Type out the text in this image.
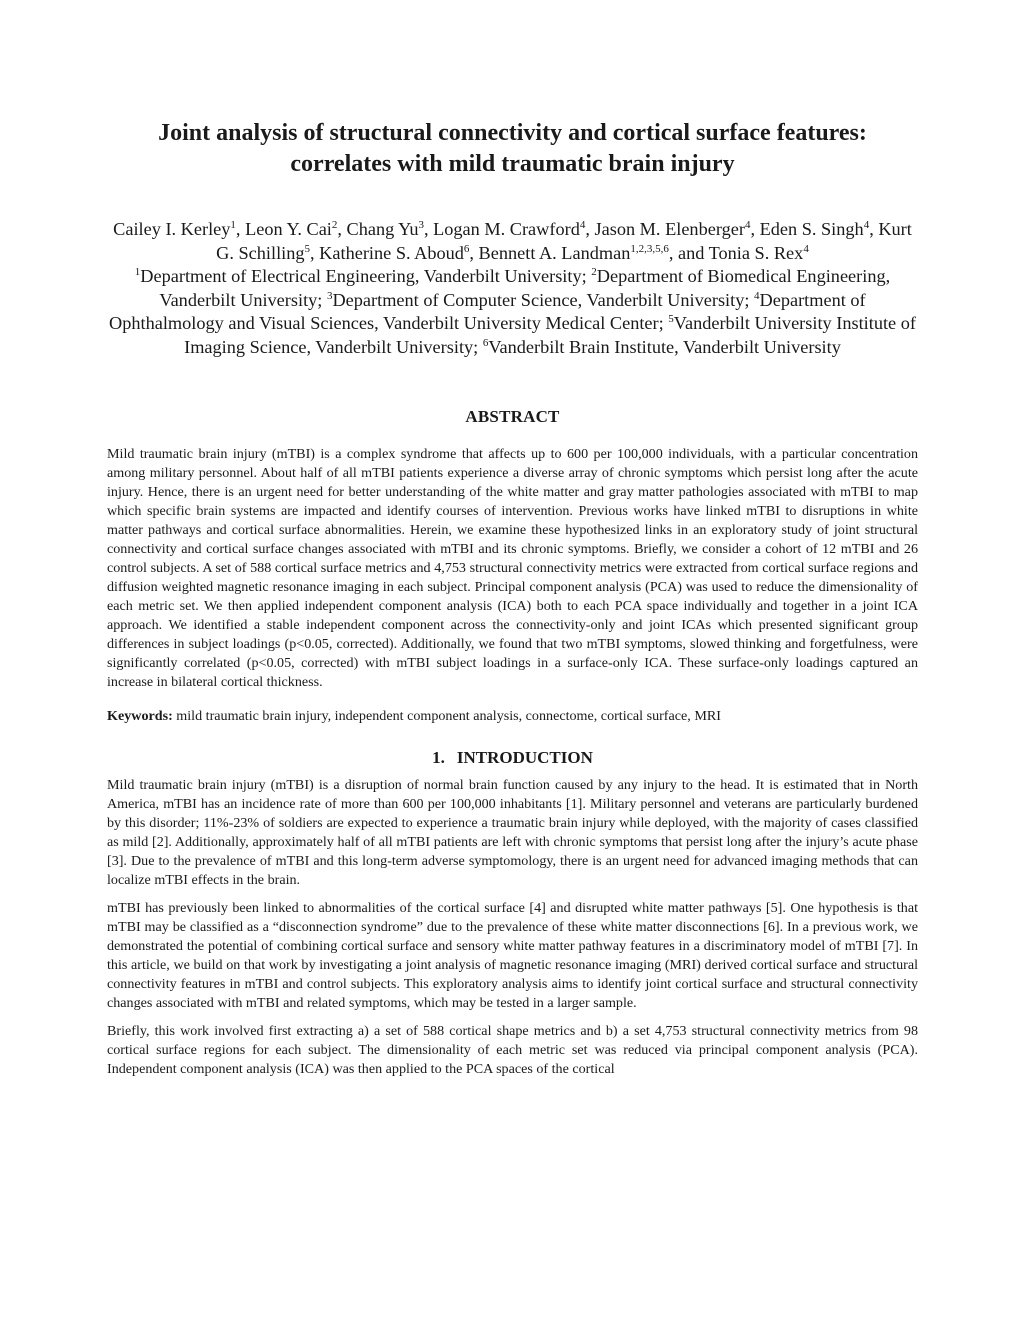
Joint analysis of structural connectivity and cortical surface features:
correlates with mild traumatic brain injury
Cailey I. Kerley$^1$, Leon Y. Cai$^2$, Chang Yu$^3$, Logan M. Crawford$^4$, Jason M. Elenberger$^4$, Eden S. Singh$^4$, Kurt G. Schilling$^5$, Katherine S. Aboud$^6$, Bennett A. Landman$^{1,2,3,5,6}$, and Tonia S. Rex$^4$
$^1$Department of Electrical Engineering, Vanderbilt University; $^2$Department of Biomedical Engineering, Vanderbilt University; $^3$Department of Computer Science, Vanderbilt University; $^4$Department of Ophthalmology and Visual Sciences, Vanderbilt University Medical Center; $^5$Vanderbilt University Institute of Imaging Science, Vanderbilt University; $^6$Vanderbilt Brain Institute, Vanderbilt University
ABSTRACT

Mild traumatic brain injury (mTBI) is a complex syndrome that affects up to 600 per 100,000 individuals, with a particular concentration among military personnel. About half of all mTBI patients experience a diverse array of chronic symptoms which persist long after the acute injury. Hence, there is an urgent need for better understanding of the white matter and gray matter pathologies associated with mTBI to map which specific brain systems are impacted and identify courses of intervention. Previous works have linked mTBI to disruptions in white matter pathways and cortical surface abnormalities. Herein, we examine these hypothesized links in an exploratory study of joint structural connectivity and cortical surface changes associated with mTBI and its chronic symptoms. Briefly, we consider a cohort of 12 mTBI and 26 control subjects. A set of 588 cortical surface metrics and 4,753 structural connectivity metrics were extracted from cortical surface regions and diffusion weighted magnetic resonance imaging in each subject. Principal component analysis (PCA) was used to reduce the dimensionality of each metric set. We then applied independent component analysis (ICA) both to each PCA space individually and together in a joint ICA approach. We identified a stable independent component across the connectivity-only and joint ICAs which presented significant group differences in subject loadings (p<0.05, corrected). Additionally, we found that two mTBI symptoms, slowed thinking and forgetfulness, were significantly correlated (p<0.05, corrected) with mTBI subject loadings in a surface-only ICA. These surface-only loadings captured an increase in bilateral cortical thickness.

Keywords: mild traumatic brain injury, independent component analysis, connectome, cortical surface, MRI
1. INTRODUCTION

Mild traumatic brain injury (mTBI) is a disruption of normal brain function caused by any injury to the head. It is estimated that in North America, mTBI has an incidence rate of more than 600 per 100,000 inhabitants [1]. Military personnel and veterans are particularly burdened by this disorder; 11%-23% of soldiers are expected to experience a traumatic brain injury while deployed, with the majority of cases classified as mild [2]. Additionally, approximately half of all mTBI patients are left with chronic symptoms that persist long after the injury’s acute phase [3]. Due to the prevalence of mTBI and this long-term adverse symptomology, there is an urgent need for advanced imaging methods that can localize mTBI effects in the brain.

mTBI has previously been linked to abnormalities of the cortical surface [4] and disrupted white matter pathways [5]. One hypothesis is that mTBI may be classified as a “disconnection syndrome” due to the prevalence of these white matter disconnections [6]. In a previous work, we demonstrated the potential of combining cortical surface and sensory white matter pathway features in a discriminatory model of mTBI [7]. In this article, we build on that work by investigating a joint analysis of magnetic resonance imaging (MRI) derived cortical surface and structural connectivity features in mTBI and control subjects. This exploratory analysis aims to identify joint cortical surface and structural connectivity changes associated with mTBI and related symptoms, which may be tested in a larger sample.

Briefly, this work involved first extracting a) a set of 588 cortical shape metrics and b) a set 4,753 structural connectivity metrics from 98 cortical surface regions for each subject. The dimensionality of each metric set was reduced via principal component analysis (PCA). Independent component analysis (ICA) was then applied to the PCA spaces of the cortical
